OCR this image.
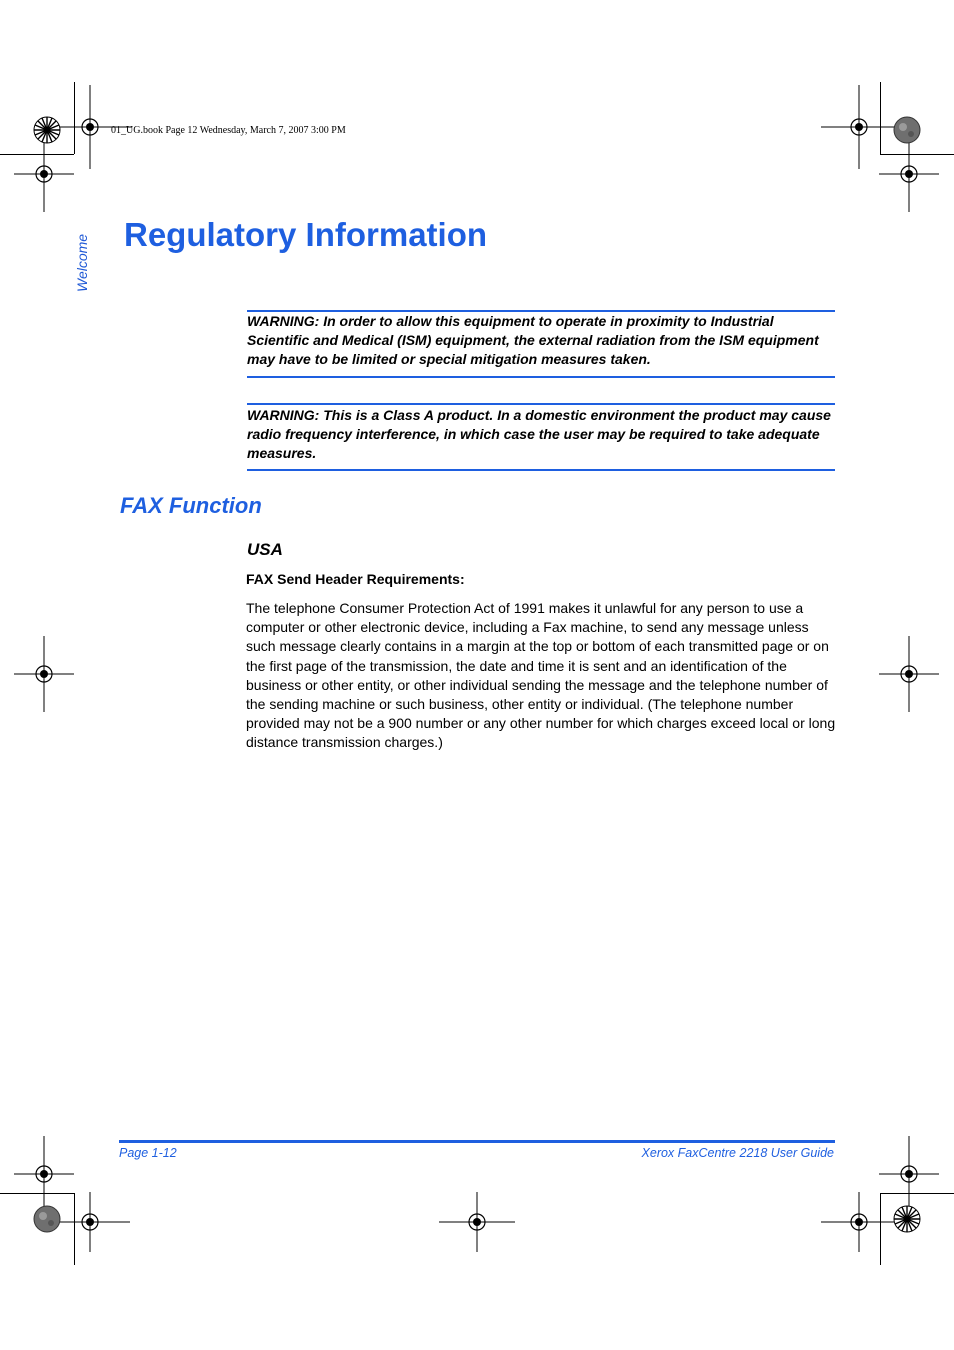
01_UG.book Page 12 Wednesday, March 7, 2007 3:00 PM
Welcome Regulatory Information
WARNING: In order to allow this equipment to operate in proximity to Industrial Scientific and Medical (ISM) equipment, the external radiation from the ISM equipment may have to be limited or special mitigation measures taken.
WARNING: This is a Class A product. In a domestic environment the product may cause radio frequency interference, in which case the user may be required to take adequate measures.
FAX Function
USA
FAX Send Header Requirements:
The telephone Consumer Protection Act of 1991 makes it unlawful for any person to use a computer or other electronic device, including a Fax machine, to send any message unless such message clearly contains in a margin at the top or bottom of each transmitted page or on the first page of the transmission, the date and time it is sent and an identification of the business or other entity, or other individual sending the message and the telephone number of the sending machine or such business, other entity or individual. (The telephone number provided may not be a 900 number or any other number for which charges exceed local or long distance transmission charges.)
Page 1-12	Xerox FaxCentre 2218 User Guide
